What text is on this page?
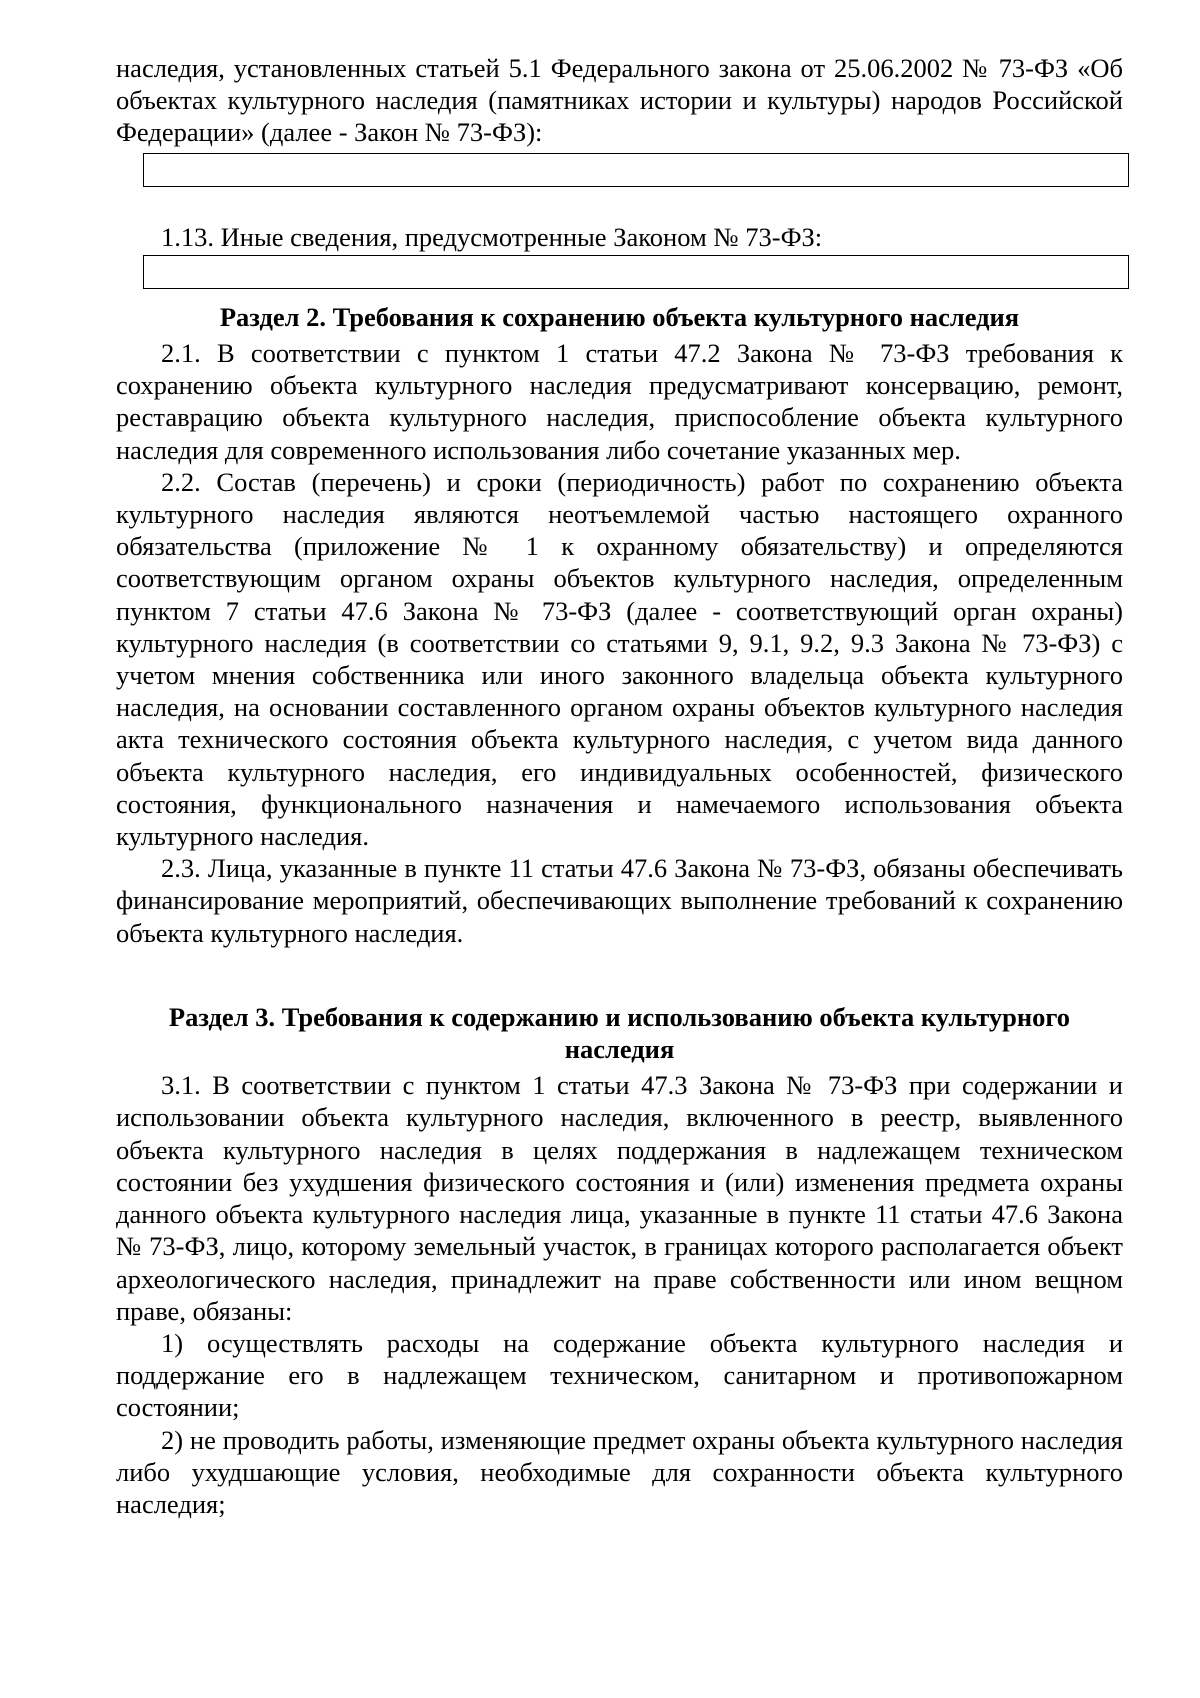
наследия, установленных статьей 5.1 Федерального закона от 25.06.2002 № 73-ФЗ «Об объектах культурного наследия (памятниках истории и культуры) народов Российской Федерации» (далее - Закон № 73-ФЗ):

1.13. Иные сведения, предусмотренные Законом № 73-ФЗ:

Раздел 2. Требования к сохранению объекта культурного наследия

2.1. В соответствии с пунктом 1 статьи 47.2 Закона № 73-ФЗ требования к сохранению объекта культурного наследия предусматривают консервацию, ремонт, реставрацию объекта культурного наследия, приспособление объекта культурного наследия для современного использования либо сочетание указанных мер.

2.2. Состав (перечень) и сроки (периодичность) работ по сохранению объекта культурного наследия являются неотъемлемой частью настоящего охранного обязательства (приложение № 1 к охранному обязательству) и определяются соответствующим органом охраны объектов культурного наследия, определенным пунктом 7 статьи 47.6 Закона № 73-ФЗ (далее - соответствующий орган охраны) культурного наследия (в соответствии со статьями 9, 9.1, 9.2, 9.3 Закона № 73-ФЗ) с учетом мнения собственника или иного законного владельца объекта культурного наследия, на основании составленного органом охраны объектов культурного наследия акта технического состояния объекта культурного наследия, с учетом вида данного объекта культурного наследия, его индивидуальных особенностей, физического состояния, функционального назначения и намечаемого использования объекта культурного наследия.

2.3. Лица, указанные в пункте 11 статьи 47.6 Закона № 73-ФЗ, обязаны обеспечивать финансирование мероприятий, обеспечивающих выполнение требований к сохранению объекта культурного наследия.

Раздел 3. Требования к содержанию и использованию объекта культурного
наследия

3.1. В соответствии с пунктом 1 статьи 47.3 Закона № 73-ФЗ при содержании и использовании объекта культурного наследия, включенного в реестр, выявленного объекта культурного наследия в целях поддержания в надлежащем техническом состоянии без ухудшения физического состояния и (или) изменения предмета охраны данного объекта культурного наследия лица, указанные в пункте 11 статьи 47.6 Закона № 73-ФЗ, лицо, которому земельный участок, в границах которого располагается объект археологического наследия, принадлежит на праве собственности или ином вещном праве, обязаны:

1) осуществлять расходы на содержание объекта культурного наследия и поддержание его в надлежащем техническом, санитарном и противопожарном состоянии;

2) не проводить работы, изменяющие предмет охраны объекта культурного наследия либо ухудшающие условия, необходимые для сохранности объекта культурного наследия;
